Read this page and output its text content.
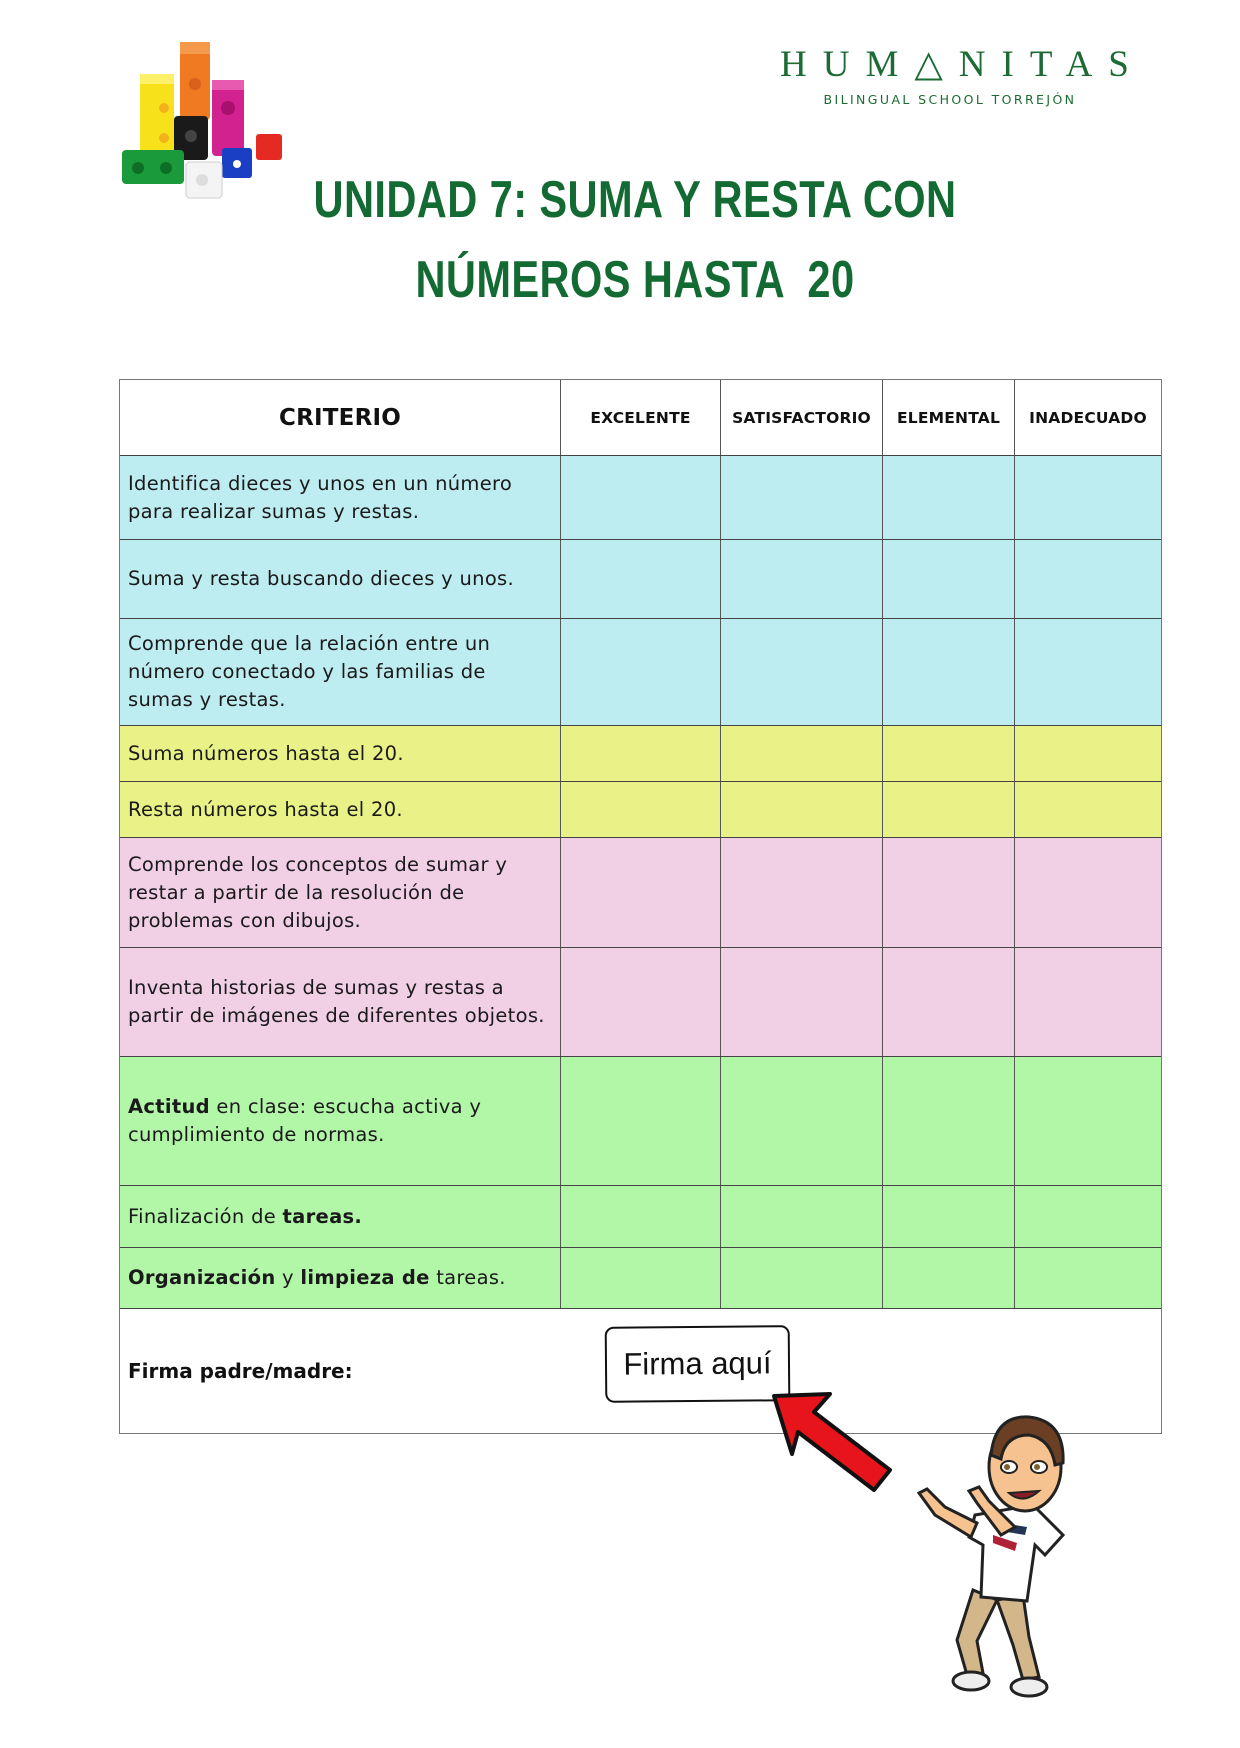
HUM△NITAS
BILINGUAL SCHOOL TORREJÓN
UNIDAD 7: SUMA Y RESTA CON
NÚMEROS HASTA  20
CRITERIO	EXCELENTE	SATISFACTORIO	ELEMENTAL	INADECUADO
Identifica dieces y unos en un número para realizar sumas y restas.
Suma y resta buscando dieces y unos.
Comprende que la relación entre un número conectado y las familias de sumas y restas.
Suma números hasta el 20.
Resta números hasta el 20.
Comprende los conceptos de sumar y restar a partir de la resolución de problemas con dibujos.
Inventa historias de sumas y restas a partir de imágenes de diferentes objetos.
Actitud en clase: escucha activa y cumplimiento de normas.
Finalización de tareas.
Organización y limpieza de tareas.
Firma padre/madre:	Firma aquí
